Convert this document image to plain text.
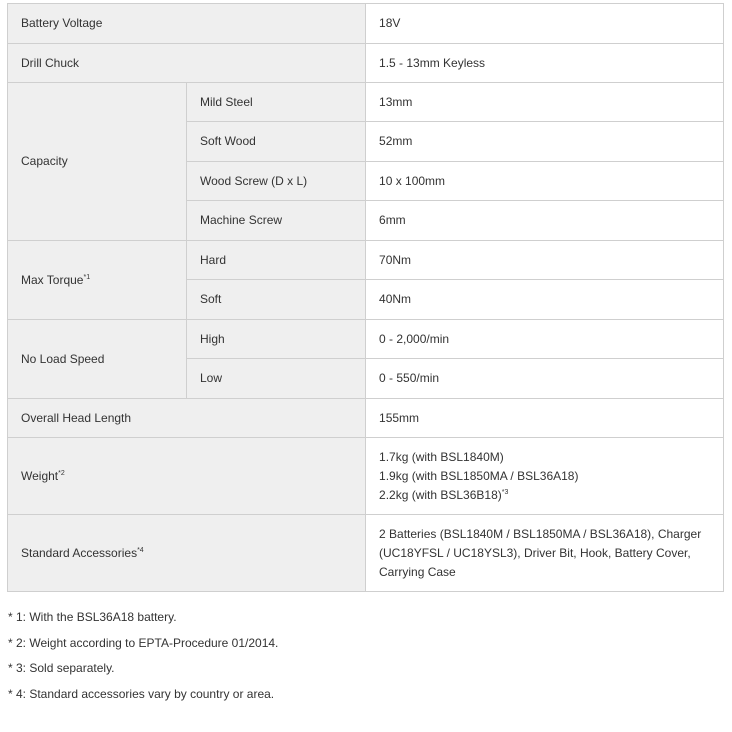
Battery Voltage		18V
Drill Chuck		1.5 - 13mm Keyless
Capacity	Mild Steel	13mm
	Soft Wood	52mm
	Wood Screw (D x L)	10 x 100mm
	Machine Screw	6mm
Max Torque$^{*1}$	Hard	70Nm
	Soft	40Nm
No Load Speed	High	0 - 2,000/min
	Low	0 - 550/min
Overall Head Length		155mm
Weight$^{*2}$		1.7kg (with BSL1840M)
1.9kg (with BSL1850MA / BSL36A18)
2.2kg (with BSL36B18)$^{*3}$

Standard Accessories$^{*4}$		2 Batteries (BSL1840M / BSL1850MA / BSL36A18), Charger (UC18YFSL / UC18YSL3), Driver Bit, Hook, Battery Cover, Carrying Case
* 1: With the BSL36A18 battery.
* 2: Weight according to EPTA-Procedure 01/2014.
* 3: Sold separately.
* 4: Standard accessories vary by country or area.
